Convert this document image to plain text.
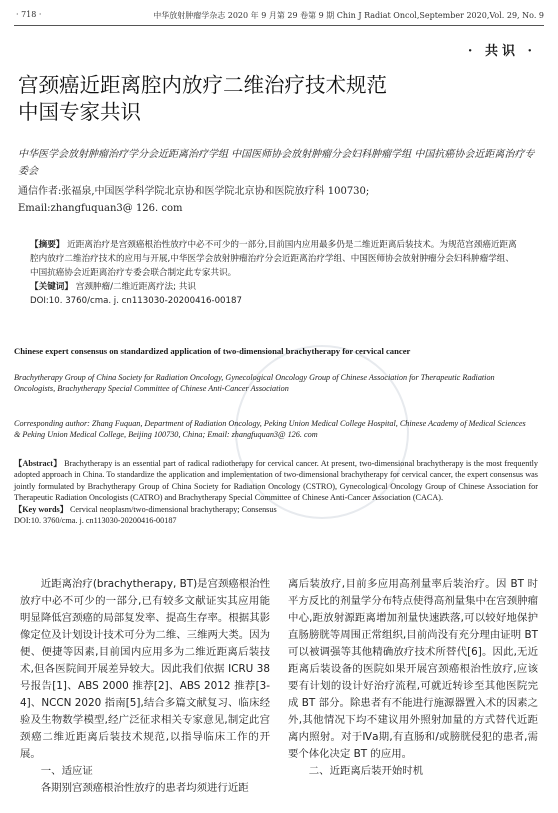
· 718 ·	中华放射肿瘤学杂志 2020 年 9 月第 29 卷第 9 期 Chin J Radiat Oncol,September 2020,Vol. 29, No. 9
· 共识 ·
宫颈癌近距离腔内放疗二维治疗技术规范
中国专家共识
中华医学会放射肿瘤治疗学分会近距离治疗学组 中国医师协会放射肿瘤分会妇科肿瘤学组 中国抗癌协会近距离治疗专委会
通信作者:张福泉,中国医学科学院北京协和医学院北京协和医院放疗科 100730;
Email:zhangfuquan3@ 126. com
【摘要】 近距离治疗是宫颈癌根治性放疗中必不可少的一部分,目前国内应用最多仍是二维近距离后装技术。为规范宫颈癌近距离腔内放疗二维治疗技术的应用与开展,中华医学会放射肿瘤治疗分会近距离治疗学组、中国医师协会放射肿瘤分会妇科肿瘤学组、中国抗癌协会近距离治疗专委会联合制定此专家共识。
【关键词】 宫颈肿瘤/二维近距离疗法; 共识
DOI:10. 3760/cma. j. cn113030-20200416-00187
Chinese expert consensus on standardized application of two-dimensional brachytherapy for cervical cancer
Brachytherapy Group of China Society for Radiation Oncology, Gynecological Oncology Group of Chinese Association for Therapeutic Radiation Oncologists, Brachytherapy Special Committee of Chinese Anti-Cancer Association
Corresponding author: Zhang Fuquan, Department of Radiation Oncology, Peking Union Medical College Hospital, Chinese Academy of Medical Sciences & Peking Union Medical College, Beijing 100730, China; Email: zhangfuquan3@ 126. com
【Abstract】 Brachytherapy is an essential part of radical radiotherapy for cervical cancer. At present, two-dimensional brachytherapy is the most frequently adopted approach in China. To standardize the application and implementation of two-dimensional brachytherapy for cervical cancer, the expert consensus was jointly formulated by Brachytherapy Group of China Society for Radiation Oncology (CSTRO), Gynecological Oncology Group of Chinese Association for Therapeutic Radiation Oncologists (CATRO) and Brachytherapy Special Committee of Chinese Anti-Cancer Association (CACA).
【Key words】 Cervical neoplasm/two-dimensional brachytherapy; Consensus
DOI:10. 3760/cma. j. cn113030-20200416-00187

近距离治疗(brachytherapy, BT)是宫颈癌根治性放疗中必不可少的一部分,已有较多文献证实其应用能明显降低宫颈癌的局部复发率、提高生存率。根据其影像定位及计划设计技术可分为二维、三维两大类。因为便、便捷等因素,目前国内应用多为二维近距离后装技术,但各医院间开展差异较大。因此我们依据 ICRU 38 号报告[1]、ABS 2000 推荐[2]、ABS 2012 推荐[3-4]、NCCN 2020 指南[5],结合多篇文献复习、临床经验及生物数学模型,经广泛征求相关专家意见,制定此宫颈癌二维近距离后装技术规范,以指导临床工作的开展。

一、适应证

各期别宫颈癌根治性放疗的患者均须进行近距

离后装放疗,目前多应用高剂量率后装治疗。因 BT 时平方反比的剂量学分布特点使得高剂量集中在宫颈肿瘤中心,距放射源距离增加剂量快速跌落,可以较好地保护直肠膀胱等周围正常组织,目前尚没有充分理由证明 BT 可以被调强等其他精确放疗技术所替代[6]。因此,无近距离后装设备的医院如果开展宫颈癌根治性放疗,应该要有计划的设计好治疗流程,可就近转诊至其他医院完成 BT 部分。除患者有不能进行施源器置入术的因素之外,其他情况下均不建议用外照射加量的方式替代近距离内照射。对于Ⅳa期,有直肠和/或膀胱侵犯的患者,需要个体化决定 BT 的应用。

二、近距离后装开始时机
